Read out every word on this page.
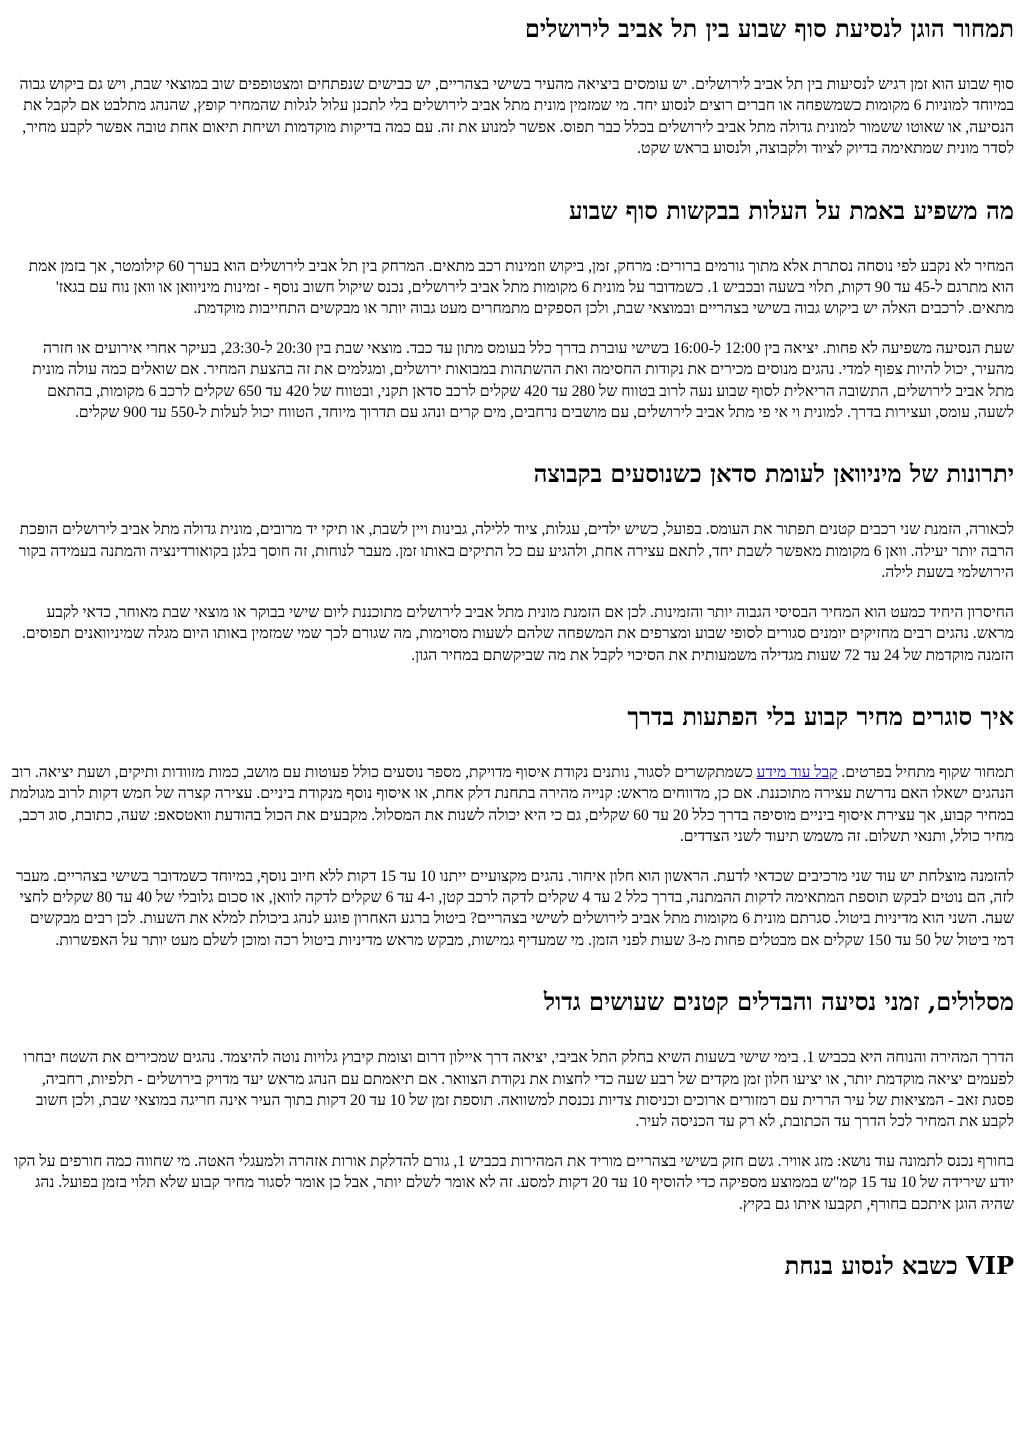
תמחור הוגן לנסיעת סוף שבוע בין תל אביב לירושלים

סוף שבוע הוא זמן רגיש לנסיעות בין תל אביב לירושלים. יש עומסים ביציאה מהעיר בשישי בצהריים, יש כבישים שנפתחים ומצטופפים שוב במוצאי שבת, ויש גם ביקוש גבוה במיוחד למוניות 6 מקומות כשמשפחה או חברים רוצים לנסוע יחד. מי שמזמין מונית מתל אביב לירושלים בלי לתכנן עלול לגלות שהמחיר קופץ, שהנהג מתלבט אם לקבל את הנסיעה, או שאוטו ששמור למונית גדולה מתל אביב לירושלים בכלל כבר תפוס. אפשר למנוע את זה. עם כמה בדיקות מוקדמות ושיחת תיאום אחת טובה אפשר לקבע מחיר, לסדר מונית שמתאימה בדיוק לציוד ולקבוצה, ולנסוע בראש שקט.

מה משפיע באמת על העלות בבקשות סוף שבוע

המחיר לא נקבע לפי נוסחה נסתרת אלא מתוך גורמים ברורים: מרחק, זמן, ביקוש וזמינות רכב מתאים. המרחק בין תל אביב לירושלים הוא בערך 60 קילומטר, אך בזמן אמת הוא מתרגם ל-45 עד 90 דקות, תלוי בשעה ובכביש 1. כשמדובר על מונית 6 מקומות מתל אביב לירושלים, נכנס שיקול חשוב נוסף - זמינות מיניוואן או וואן נוח עם בגאז' מתאים. לרכבים האלה יש ביקוש גבוה בשישי בצהריים ובמוצאי שבת, ולכן הספקים מתמחרים מעט גבוה יותר או מבקשים התחייבות מוקדמת.

שעת הנסיעה משפיעה לא פחות. יציאה בין 12:00 ל-16:00 בשישי עוברת בדרך כלל בעומס מתון עד כבד. מוצאי שבת בין 20:30 ל-23:30, בעיקר אחרי אירועים או חזרה מהעיר, יכול להיות צפוף למדי. נהגים מנוסים מכירים את נקודות החסימה ואת ההשתהות במבואות ירושלים, ומגלמים את זה בהצעת המחיר. אם שואלים כמה עולה מונית מתל אביב לירושלים, התשובה הריאלית לסוף שבוע נעה לרוב בטווח של 280 עד 420 שקלים לרכב סדאן תקני, ובטווח של 420 עד 650 שקלים לרכב 6 מקומות, בהתאם לשעה, עומס, ועצירות בדרך. למונית וי אי פי מתל אביב לירושלים, עם מושבים נרחבים, מים קרים ונהג עם תדרוך מיוחד, הטווח יכול לעלות ל-550 עד 900 שקלים.

יתרונות של מיניוואן לעומת סדאן כשנוסעים בקבוצה

לכאורה, הזמנת שני רכבים קטנים תפתור את העומס. בפועל, כשיש ילדים, עגלות, ציוד ללילה, גבינות ויין לשבת, או תיקי יד מרובים, מונית גדולה מתל אביב לירושלים הופכת הרבה יותר יעילה. וואן 6 מקומות מאפשר לשבת יחד, לתאם עצירה אחת, ולהגיע עם כל התיקים באותו זמן. מעבר לנוחות, זה חוסך בלגן בקואורדינציה והמתנה בעמידה בקור הירושלמי בשעת לילה.

החיסרון היחיד כמעט הוא המחיר הבסיסי הגבוה יותר והזמינות. לכן אם הזמנת מונית מתל אביב לירושלים מתוכננת ליום שישי בבוקר או מוצאי שבת מאוחר, כדאי לקבע מראש. נהגים רבים מחזיקים יומנים סגורים לסופי שבוע ומצרפים את המשפחה שלהם לשעות מסוימות, מה שגורם לכך שמי שמזמין באותו היום מגלה שמיניוואנים תפוסים. הזמנה מוקדמת של 24 עד 72 שעות מגדילה משמעותית את הסיכוי לקבל את מה שביקשתם במחיר הגון.

איך סוגרים מחיר קבוע בלי הפתעות בדרך

תמחור שקוף מתחיל בפרטים. קבל עוד מידע כשמתקשרים לסגור, נותנים נקודת איסוף מדויקת, מספר נוסעים כולל פעוטות עם מושב, כמות מזוודות ותיקים, ושעת יציאה. רוב הנהגים ישאלו האם נדרשת עצירה מתוכננת. אם כן, מדווחים מראש: קנייה מהירה בתחנת דלק אחת, או איסוף נוסף מנקודת ביניים. עצירה קצרה של חמש דקות לרוב מגולמת במחיר קבוע, אך עצירת איסוף ביניים מוסיפה בדרך כלל 20 עד 60 שקלים, גם כי היא יכולה לשנות את המסלול. מקבעים את הכול בהודעת וואטסאפ: שעה, כתובת, סוג רכב, מחיר כולל, ותנאי תשלום. זה משמש תיעוד לשני הצדדים.

להזמנה מוצלחת יש עוד שני מרכיבים שכדאי לדעת. הראשון הוא חלון איחור. נהגים מקצועיים ייתנו 10 עד 15 דקות ללא חיוב נוסף, במיוחד כשמדובר בשישי בצהריים. מעבר לזה, הם נוטים לבקש תוספת המתאימה לדקות ההמתנה, בדרך כלל 2 עד 4 שקלים לדקה לרכב קטן, ו-4 עד 6 שקלים לדקה לוואן, או סכום גלובלי של 40 עד 80 שקלים לחצי שעה. השני הוא מדיניות ביטול. סגרתם מונית 6 מקומות מתל אביב לירושלים לשישי בצהריים? ביטול ברגע האחרון פוגע לנהג ביכולת למלא את השעות. לכן רבים מבקשים דמי ביטול של 50 עד 150 שקלים אם מבטלים פחות מ-3 שעות לפני הזמן. מי שמעדיף גמישות, מבקש מראש מדיניות ביטול רכה ומוכן לשלם מעט יותר על האפשרות.

מסלולים, זמני נסיעה והבדלים קטנים שעושים גדול

הדרך המהירה והנוחה היא בכביש 1. בימי שישי בשעות השיא בחלק התל אביבי, יציאה דרך איילון דרום וצומת קיבוץ גלויות נוטה להיצמד. נהגים שמכירים את השטח יבחרו לפעמים יציאה מוקדמת יותר, או יציעו חלון זמן מקדים של רבע שעה כדי לחצות את נקודת הצוואר. אם תיאמתם עם הנהג מראש יעד מדויק בירושלים - תלפיות, רחביה, פסגת זאב - המציאות של עיר הררית עם רמזורים ארוכים וכניסות צדיות נכנסת למשוואה. תוספת זמן של 10 עד 20 דקות בתוך העיר אינה חריגה במוצאי שבת, ולכן חשוב לקבע את המחיר לכל הדרך עד הכתובת, לא רק עד הכניסה לעיר.

בחורף נכנס לתמונה עוד נושא: מזג אוויר. גשם חזק בשישי בצהריים מוריד את המהירות בכביש 1, גורם להדלקת אורות אזהרה ולמעגלי האטה. מי שחווה כמה חורפים על הקו יודע שירידה של 10 עד 15 קמ"ש בממוצע מספיקה כדי להוסיף 10 עד 20 דקות למסע. זה לא אומר לשלם יותר, אבל כן אומר לסגור מחיר קבוע שלא תלוי בזמן בפועל. נהג שהיה הוגן איתכם בחורף, תקבעו איתו גם בקיץ.

VIP כשבא לנסוע בנחת
